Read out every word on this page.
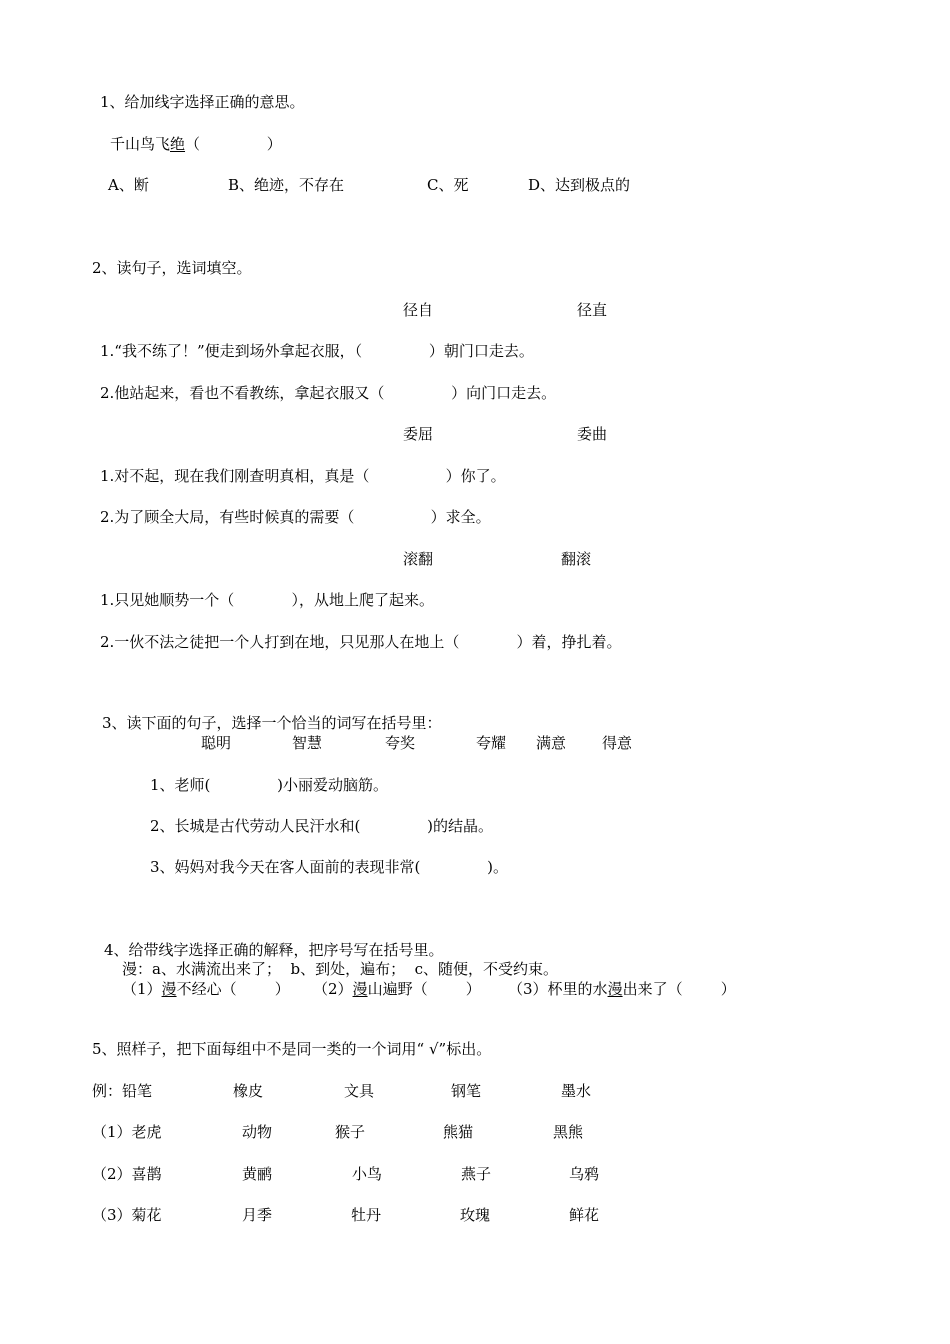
1、给加线字选择正确的意思。
千山鸟飞绝（              ）
A、断	B、绝迹，不存在	C、死	D、达到极点的
2、读句子，选词填空。
径自	径直
1.“我不练了！”便走到场外拿起衣服，（              ）朝门口走去。
2.他站起来，看也不看教练，拿起衣服又（              ）向门口走去。
委屈	委曲
1.对不起，现在我们刚查明真相，真是（                ）你了。
2.为了顾全大局，有些时候真的需要（                ）求全。
滚翻	翻滚
1.只见她顺势一个（            ），从地上爬了起来。
2.一伙不法之徒把一个人打到在地，只见那人在地上（            ）着，挣扎着。
3、读下面的句子，选择一个恰当的词写在括号里：
聪明	智慧	夸奖	夸耀 满意 得意
1、老师(              )小丽爱动脑筋。
2、长城是古代劳动人民汗水和(              )的结晶。
3、妈妈对我今天在客人面前的表现非常(              )。
4、给带线字选择正确的解释，把序号写在括号里。
漫：a、水满流出来了；  b、到处，遍布；  c、随便，不受约束。
（1）漫不经心（        ） （2）漫山遍野（        ） （3）杯里的水漫出来了（        ）
5、照样子，把下面每组中不是同一类的一个词用“ √”标出。
例：铅笔	橡皮	文具	钢笔	墨水
（1）老虎	动物	猴子	熊猫	黑熊
（2）喜鹊	黄鹂	小鸟	燕子	乌鸦
（3）菊花	月季	牡丹	玫瑰	鲜花
